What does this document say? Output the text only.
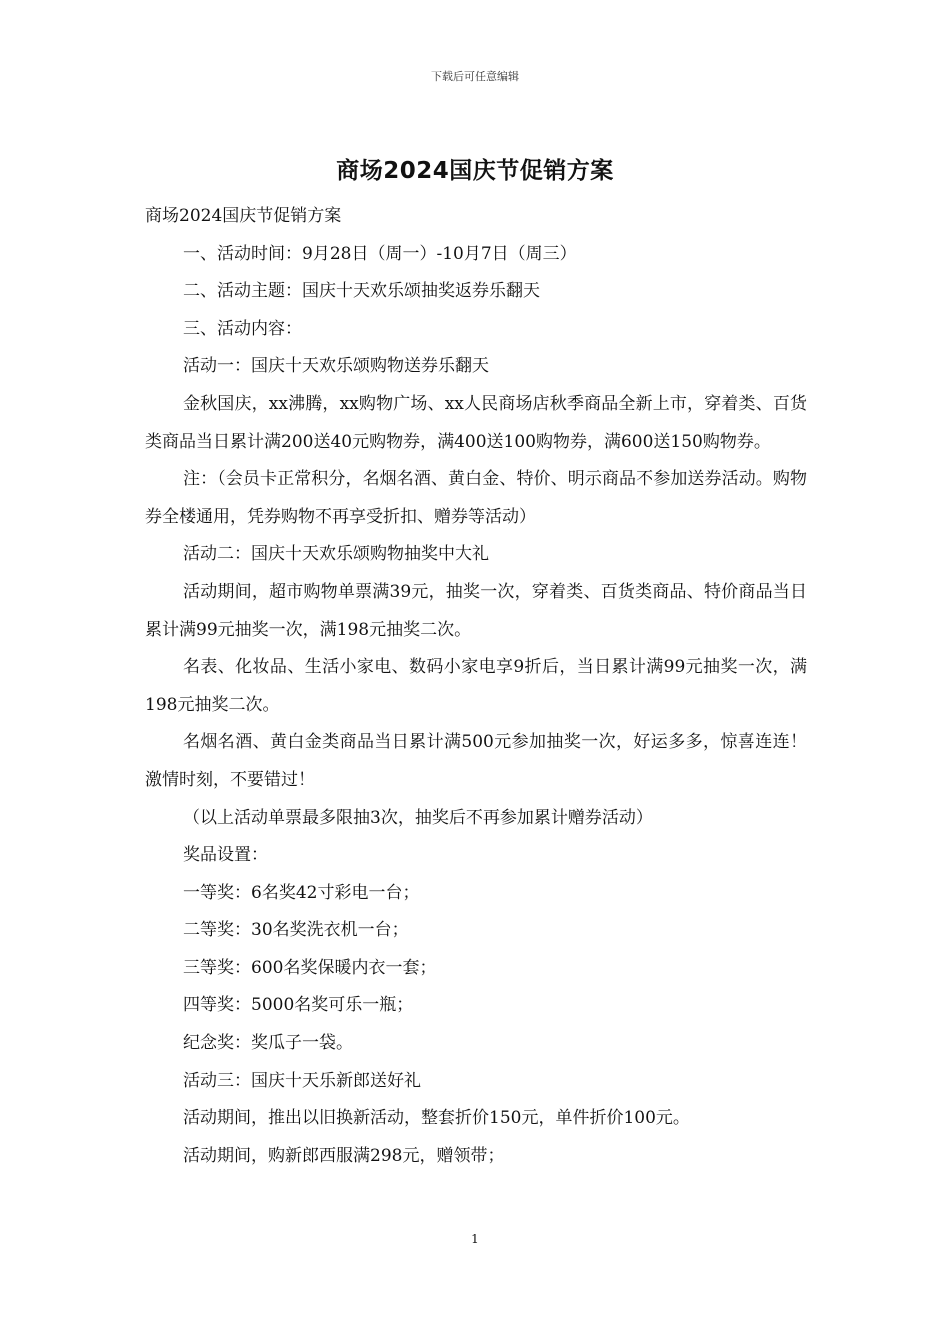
下载后可任意编辑
商场2024国庆节促销方案

商场2024国庆节促销方案

一、活动时间：9月28日（周一）-10月7日（周三）

二、活动主题：国庆十天欢乐颂抽奖返券乐翻天

三、活动内容：

活动一：国庆十天欢乐颂购物送券乐翻天

金秋国庆，xx沸腾，xx购物广场、xx人民商场店秋季商品全新上市，穿着类、百货类商品当日累计满200送40元购物券，满400送100购物券，满600送150购物券。

注：（会员卡正常积分，名烟名酒、黄白金、特价、明示商品不参加送券活动。购物券全楼通用，凭券购物不再享受折扣、赠券等活动）

活动二：国庆十天欢乐颂购物抽奖中大礼

活动期间，超市购物单票满39元，抽奖一次，穿着类、百货类商品、特价商品当日累计满99元抽奖一次，满198元抽奖二次。

名表、化妆品、生活小家电、数码小家电享9折后，当日累计满99元抽奖一次，满198元抽奖二次。

名烟名酒、黄白金类商品当日累计满500元参加抽奖一次，好运多多，惊喜连连！激情时刻，不要错过！

（以上活动单票最多限抽3次，抽奖后不再参加累计赠券活动）

奖品设置：

一等奖：6名奖42寸彩电一台；

二等奖：30名奖洗衣机一台；

三等奖：600名奖保暖内衣一套；

四等奖：5000名奖可乐一瓶；

纪念奖：奖瓜子一袋。

活动三：国庆十天乐新郎送好礼

活动期间，推出以旧换新活动，整套折价150元，单件折价100元。

活动期间，购新郎西服满298元，赠领带；

1
